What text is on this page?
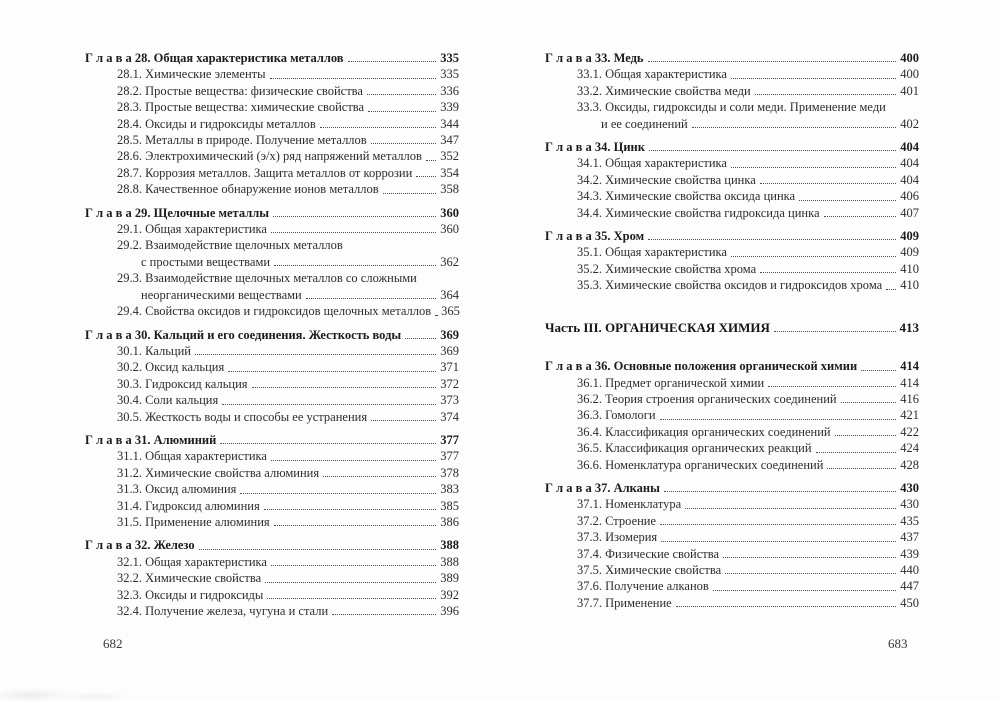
Г л а в а 28. Общая характеристика металлов	335
28.1. Химические элементы	335
28.2. Простые вещества: физические свойства	336
28.3. Простые вещества: химические свойства	339
28.4. Оксиды и гидроксиды металлов	344
28.5. Металлы в природе. Получение металлов	347
28.6. Электрохимический (э/х) ряд напряжений металлов 352
28.7. Коррозия металлов. Защита металлов от коррозии 354
28.8. Качественное обнаружение ионов металлов	358
Г л а в а 29. Щелочные металлы	360
29.1. Общая характеристика	360
29.2. Взаимодействие щелочных металлов
с простыми веществами	362
29.3. Взаимодействие щелочных металлов со сложными
неорганическими веществами	364
29.4. Свойства оксидов и гидроксидов щелочных металлов 365
Г л а в а 30. Кальций и его соединения. Жесткость воды	369
30.1. Кальций	369
30.2. Оксид кальция	371
30.3. Гидроксид кальция	372
30.4. Соли кальция	373
30.5. Жесткость воды и способы ее устранения	374
Г л а в а 31. Алюминий	377
31.1. Общая характеристика	377
31.2. Химические свойства алюминия	378
31.3. Оксид алюминия	383
31.4. Гидроксид алюминия	385
31.5. Применение алюминия	386
Г л а в а 32. Железо	388
32.1. Общая характеристика	388
32.2. Химические свойства	389
32.3. Оксиды и гидроксиды	392
32.4. Получение железа, чугуна и стали	396
Г л а в а 33. Медь	400
33.1. Общая характеристика	400
33.2. Химические свойства меди	401
33.3. Оксиды, гидроксиды и соли меди. Применение меди
и ее соединений	402
Г л а в а 34. Цинк	404
34.1. Общая характеристика	404
34.2. Химические свойства цинка	404
34.3. Химические свойства оксида цинка	406
34.4. Химические свойства гидроксида цинка	407
Г л а в а 35. Хром	409
35.1. Общая характеристика	409
35.2. Химические свойства хрома	410
35.3. Химические свойства оксидов и гидроксидов хрома 410
Часть III. ОРГАНИЧЕСКАЯ ХИМИЯ	413
Г л а в а 36. Основные положения органической химии	414
36.1. Предмет органической химии	414
36.2. Теория строения органических соединений	416
36.3. Гомологи	421
36.4. Классификация органических соединений	422
36.5. Классификация органических реакций	424
36.6. Номенклатура органических соединений	428
Г л а в а 37. Алканы	430
37.1. Номенклатура	430
37.2. Строение	435
37.3. Изомерия	437
37.4. Физические свойства	439
37.5. Химические свойства	440
37.6. Получение алканов	447
37.7. Применение	450
682	683
